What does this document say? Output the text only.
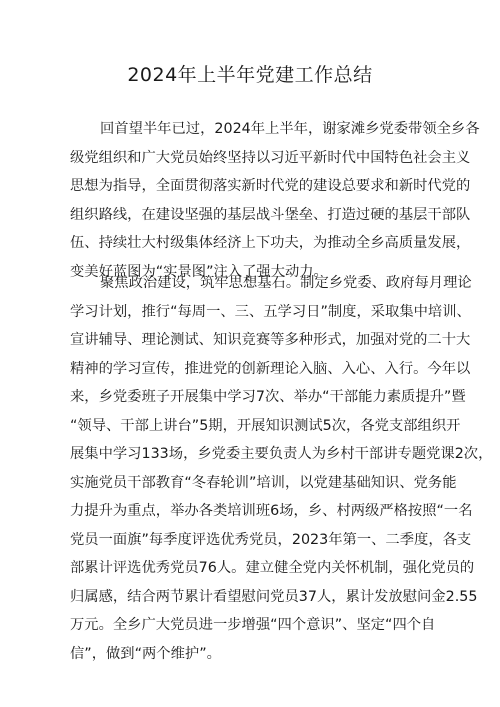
2024年上半年党建工作总结
回首望半年已过，2024年上半年，谢家滩乡党委带领全乡各
级党组织和广大党员始终坚持以习近平新时代中国特色社会主义
思想为指导，全面贯彻落实新时代党的建设总要求和新时代党的
组织路线，在建设坚强的基层战斗堡垒、打造过硬的基层干部队
伍、持续壮大村级集体经济上下功夫，为推动全乡高质量发展，
变美好蓝图为“实景图”注入了强大动力。
聚焦政治建设，筑牢思想基石。制定乡党委、政府每月理论
学习计划，推行“每周一、三、五学习日”制度，采取集中培训、
宣讲辅导、理论测试、知识竞赛等多种形式，加强对党的二十大
精神的学习宣传，推进党的创新理论入脑、入心、入行。今年以
来，乡党委班子开展集中学习7次、举办“干部能力素质提升”暨
“领导、干部上讲台”5期，开展知识测试5次，各党支部组织开
展集中学习133场，乡党委主要负责人为乡村干部讲专题党课2次，
实施党员干部教育“冬春轮训”培训，以党建基础知识、党务能
力提升为重点，举办各类培训班6场，乡、村两级严格按照“一名
党员一面旗”每季度评选优秀党员，2023年第一、二季度，各支
部累计评选优秀党员76人。建立健全党内关怀机制，强化党员的
归属感，结合两节累计看望慰问党员37人，累计发放慰问金2.55
万元。全乡广大党员进一步增强“四个意识”、坚定“四个自
信”，做到“两个维护”。
